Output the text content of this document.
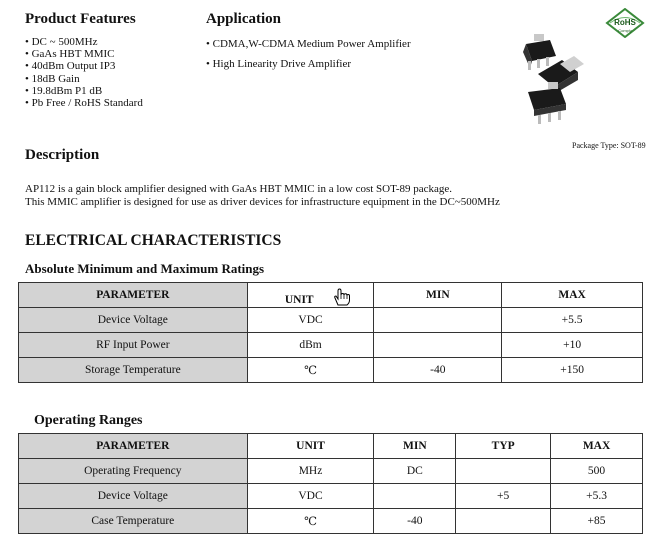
Product Features
• DC ~ 500MHz
• GaAs HBT MMIC
• 40dBm Output IP3
• 18dB Gain
• 19.8dBm P1 dB
• Pb Free / RoHS Standard
Application
• CDMA,W-CDMA Medium Power Amplifier
• High Linearity Drive Amplifier
RoHS
Comply
Package Type: SOT-89
Description
AP112 is a gain block amplifier designed with GaAs HBT MMIC in a low cost SOT-89 package.
This MMIC amplifier is designed for use as driver devices for infrastructure equipment in the DC~500MHz
ELECTRICAL CHARACTERISTICS
Absolute Minimum and Maximum Ratings
PARAMETER	UNIT	MIN	MAX
Device Voltage	VDC		+5.5
RF Input Power	dBm		+10
Storage Temperature	℃	-40	+150
Operating Ranges
PARAMETER	UNIT	MIN	TYP	MAX
Operating Frequency	MHz	DC		500
Device Voltage	VDC		+5	+5.3
Case Temperature	℃	-40		+85
